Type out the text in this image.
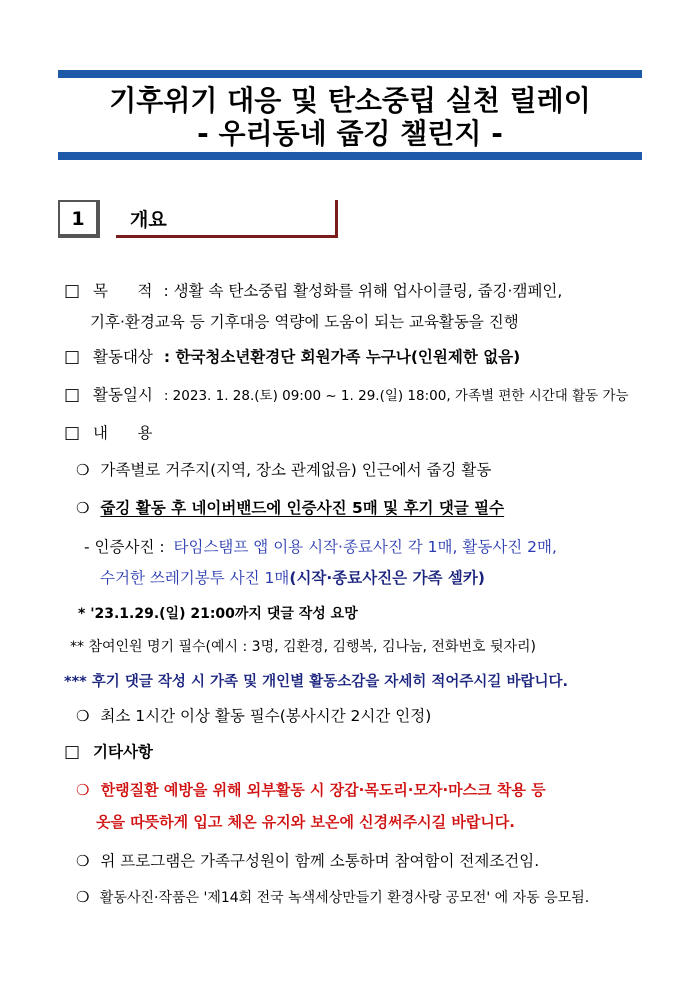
기후위기 대응 및 탄소중립 실천 릴레이
- 우리동네 줍깅 챌린지 -
1	개요
□ 목      적 : 생활 속 탄소중립 활성화를 위해 업사이클링, 줍깅·캠페인,
기후·환경교육 등 기후대응 역량에 도움이 되는 교육활동을 진행
□ 활동대상 : 한국청소년환경단 회원가족 누구나(인원제한 없음)
□ 활동일시 : 2023. 1. 28.(토) 09:00 ~ 1. 29.(일) 18:00, 가족별 편한 시간대 활동 가능
□ 내      용
❍ 가족별로 거주지(지역, 장소 관계없음) 인근에서 줍깅 활동
❍ 줍깅 활동 후 네이버밴드에 인증사진 5매 및 후기 댓글 필수
- 인증사진 : 타임스탬프 앱 이용 시작·종료사진 각 1매, 활동사진 2매,
수거한 쓰레기봉투 사진 1매(시작·종료사진은 가족 셀카)
* '23.1.29.(일) 21:00까지 댓글 작성 요망
** 참여인원 명기 필수(예시 : 3명, 김환경, 김행복, 김나눔, 전화번호 뒷자리)
*** 후기 댓글 작성 시 가족 및 개인별 활동소감을 자세히 적어주시길 바랍니다.
❍ 최소 1시간 이상 활동 필수(봉사시간 2시간 인정)
□ 기타사항
❍ 한랭질환 예방을 위해 외부활동 시 장갑·목도리·모자·마스크 착용 등
옷을 따뜻하게 입고 체온 유지와 보온에 신경써주시길 바랍니다.
❍ 위 프로그램은 가족구성원이 함께 소통하며 참여함이 전제조건임.
❍ 활동사진·작품은 '제14회 전국 녹색세상만들기 환경사랑 공모전' 에 자동 응모됨.
